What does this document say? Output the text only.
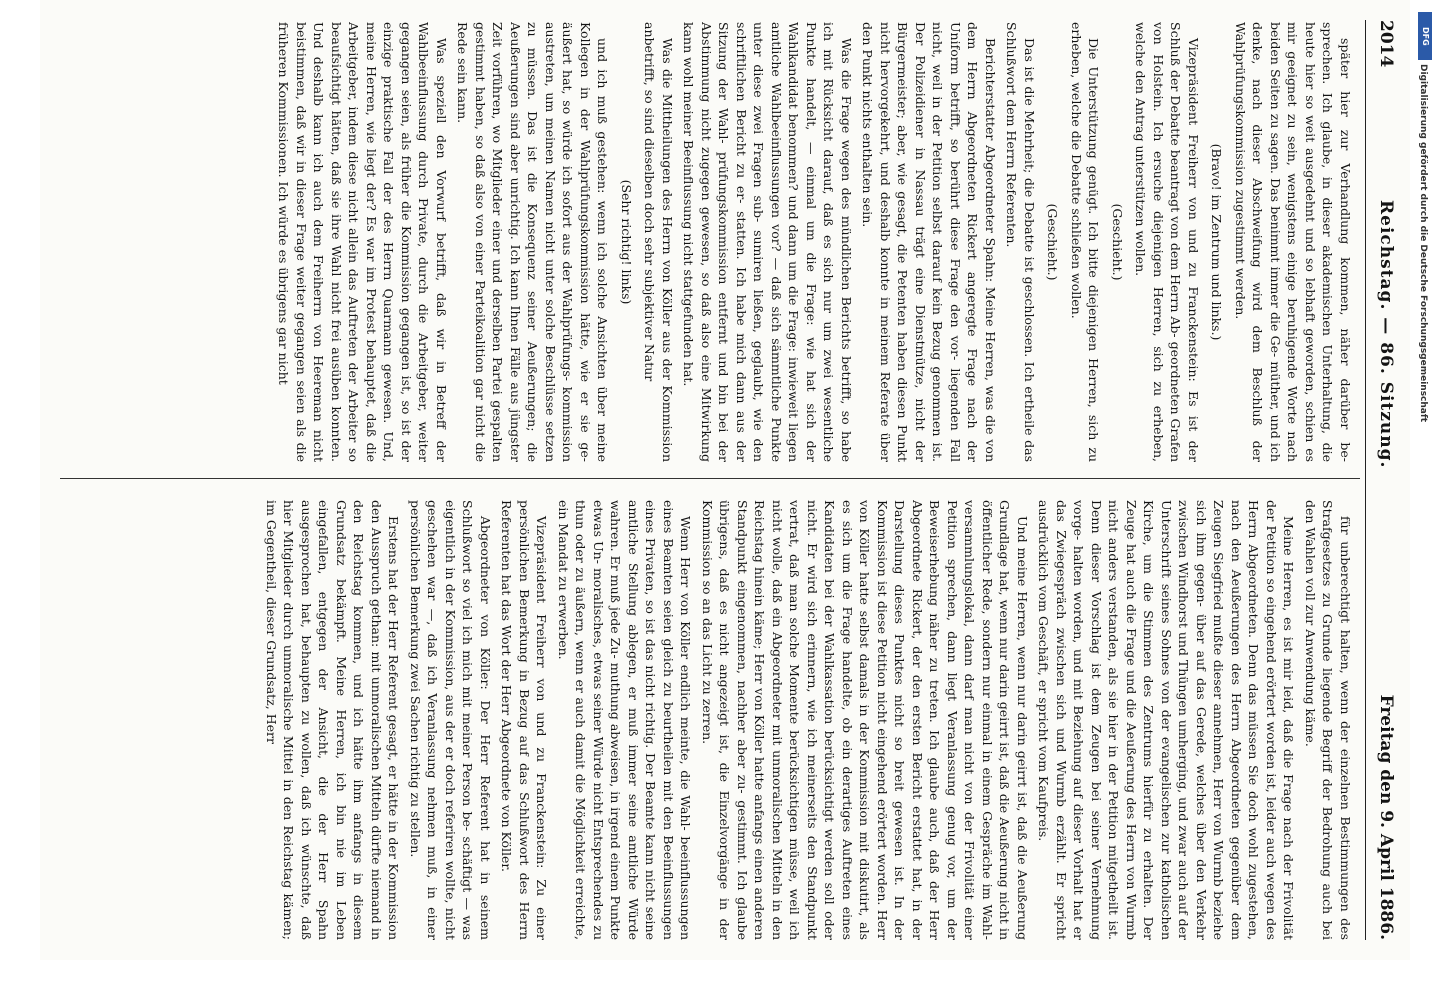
2014
Reichstag. — 86. Sitzung.
Freitag den 9. April 1886.

später hier zur Verhandlung kommen, näher darüber be- sprechen. Ich glaube, in dieser akademischen Unterhaltung, die heute hier so weit ausgedehnt und so lebhaft geworden, schien es mir geeignet zu sein, wenigstens einige beruhigende Worte nach beiden Seiten zu sagen. Das benimmt immer die Ge- müther, und ich denke, nach dieser Abschweifung wird dem Beschluß der Wahlprüfungskommission zugestimmt werden.

(Bravo! im Zentrum und links.)

Vizepräsident Freiherr von und zu Franckenstein: Es ist der Schluß der Debatte beantragt von dem Herrn Ab- geordneten Grafen von Holstein. Ich ersuche diejenigen Herren, sich zu erheben, welche den Antrag unterstützen wollen.

(Geschieht.)

Die Unterstützung genügt. Ich bitte diejenigen Herren, sich zu erheben, welche die Debatte schließen wollen.

(Geschieht.)

Das ist die Mehrheit; die Debatte ist geschlossen. Ich ertheile das Schlußwort dem Herrn Referenten.

Berichterstatter Abgeordneter Spahn: Meine Herren, was die von dem Herrn Abgeordneten Rickert angeregte Frage nach der Uniform betrifft, so berührt diese Frage den vor- liegenden Fall nicht, weil in der Petition selbst darauf kein Bezug genommen ist. Der Polizeidiener in Nassau trägt eine Dienstmütze, nicht der Bürgermeister; aber, wie gesagt, die Petenten haben diesen Punkt nicht hervorgekehrt, und deshalb konnte in meinem Referate über den Punkt nichts enthalten sein.

Was die Frage wegen des mündlichen Berichts betrifft, so habe ich mit Rücksicht darauf, daß es sich nur um zwei wesentliche Punkte handelt, — einmal um die Frage: wie hat sich der Wahlkandidat benommen? und dann um die Frage: inwieweit liegen amtliche Wahlbeeinflussungen vor? — daß sich sämmtliche Punkte unter diese zwei Fragen sub- sumiren ließen, geglaubt, wie den schriftlichen Bericht zu er- statten. Ich habe mich dann aus der Sitzung der Wahl- prüfungskommission entfernt und bin bei der Abstimmung nicht zugegen gewesen, so daß also eine Mitwirkung kann wohl meiner Beeinflussung nicht stattgefunden hat.

Was die Mittheilungen des Herrn von Köller aus der Kommission anbetrifft, so sind dieselben doch sehr subjektiver Natur

(Sehr richtig! links)

und ich muß gestehen: wenn ich solche Ansichten über meine Kollegen in der Wahlprüfungskommission hätte, wie er sie ge- äußert hat, so würde ich sofort aus der Wahlprüfungs- kommission austreten, um meinen Namen nicht unter solche Beschlüsse setzen zu müssen. Das ist die Konsequenz seiner Aeußerungen; die Aeußerungen sind aber unrichtig. Ich kann Ihnen Fälle aus jüngster Zeit vorführen, wo Mitglieder einer und derselben Partei gespalten gestimmt haben, so daß also von einer Parteikoalition gar nicht die Rede sein kann.

Was speziell den Vorwurf betrifft, daß wir in Betreff der Wahlbeeinflussung durch Private, durch die Arbeitgeber, weiter gegangen seien, als früher die Kommission gegangen ist, so ist der einzige praktische Fall der des Herrn Quarmann gewesen. Und, meine Herren, wie liegt der? Es war im Protest behauptet, daß die Arbeitgeber, indem diese nicht allein das Auftreten der Arbeiter so beaufsichtigt hätten, daß sie ihre Wahl nicht frei ausüben konnten. Und deshalb kann ich auch dem Freiherrn von Heereman nicht beistimmen, daß wir in dieser Frage weiter gegangen seien als die früheren Kommissionen. Ich würde es übrigens gar nicht

für unberechtigt halten, wenn der einzelnen Bestimmungen des Strafgesetzes zu Grunde liegende Begriff der Bedrohung auch bei den Wahlen voll zur Anwendung käme.

Meine Herren, es ist mir leid, daß die Frage nach der Frivolität der Petition so eingehend erörtert worden ist, leider auch wegen des Herrn Abgeordneten. Denn das müssen Sie doch wohl zugestehen, nach den Aeußerungen des Herrn Abgeordneten gegenüber dem Zeugen Siegfried mußte dieser annehmen, Herr von Wurmb beziehe sich ihm gegen- über auf das Gerede, welches über den Verkehr zwischen Windhorst und Thüngen umherging, und zwar auch auf der Unterschrift seines Sohnes von der evangelischen zur katholischen Kirche, um die Stimmen des Zentrums hierfür zu erhalten. Der Zeuge hat auch die Frage und die Aeußerung des Herrn von Wurmb nicht anders verstanden, als sie hier in der Petition mitgetheilt ist. Denn dieser Vorschlag ist dem Zeugen bei seiner Vernehmung vorge- halten worden, und mit Beziehung auf dieser Vorhalt hat er das Zwiegespräch zwischen sich und Wurmb erzählt. Er spricht ausdrücklich vom Geschäft, er spricht vom Kaufpreis.

Und meine Herren, wenn nur darin geirrt ist, daß die Aeußerung Grundlage hat, wenn nur darin geirrt ist, daß die Aeußerung nicht in öffentlicher Rede, sondern nur einmal in einem Gespräche im Wahl- versammlungslokal, dann darf man nicht von der Frivolität einer Petition sprechen, dann liegt Veranlassung genug vor, um der Beweiserhebung näher zu treten. Ich glaube auch, daß der Herr Abgeordnete Rickert, der den ersten Bericht erstattet hat, in der Darstellung dieses Punktes nicht so breit gewesen ist. In der Kommission ist diese Petition nicht eingehend erörtert worden. Herr von Köller hatte selbst damals in der Kommission mit diskutirt, als es sich um die Frage handelte, ob ein derartiges Auftreten eines Kandidaten bei der Wahlkassation berücksichtigt werden soll oder nicht. Er wird sich erinnern, wie ich meinerseits den Standpunkt vertrat, daß man solche Momente berücksichtigen müsse, weil ich nicht wolle, daß ein Abgeordneter mit unmoralischen Mitteln in den Reichstag hinein käme; Herr von Köller hatte anfangs einen anderen Standpunkt eingenommen, nachher aber zu- gestimmt. Ich glaube übrigens, daß es nicht angezeigt ist, die Einzelvorgänge in der Kommission so an das Licht zu zerren.

Wenn Herr von Köller endlich meinte, die Wahl- beeinflussungen eines Beamten seien gleich zu beurtheilen mit den Beeinflussungen eines Privaten, so ist das nicht richtig. Der Beamte kann nicht seine amtliche Stellung ablegen, er muß immer seine amtliche Würde wahren. Er muß jede Zu- muthung abweisen, in irgend einem Punkte etwas Un- moralisches, etwas seiner Würde nicht Entsprechendes zu thun oder zu äußern, wenn er auch damit die Möglichkeit erreichte, ein Mandat zu erwerben.

Vizepräsident Freiherr von und zu Franckenstein: Zu einer persönlichen Bemerkung in Bezug auf das Schlußwort des Herrn Referenten hat das Wort der Herr Abgeordnete von Köller.

Abgeordneter von Köller: Der Herr Referent hat in seinem Schlußwort so viel ich mich mit meiner Person be- schäftigt — was eigentlich in der Kommission, aus der er doch referiren wollte, nicht geschehen war —, daß ich Veranlassung nehmen muß, in einer persönlichen Bemerkung zwei Sachen richtig zu stellen.

Erstens hat der Herr Referent gesagt, er hätte in der Kommission den Ausspruch gethan: mit unmoralischen Mitteln dürfte niemand in den Reichstag kommen, und ich hätte ihm anfangs in diesem Grundsatz bekämpft. Meine Herren, ich bin nie im Leben eingefallen, entgegen der Ansicht, die der Herr Spahn ausgesprochen hat, behaupten zu wollen, daß ich wünschte, daß hier Mitglieder durch unmoralische Mittel in den Reichstag kämen; im Gegentheil, dieser Grundsatz, Herr

DFG
Digitalisierung gefördert durch die Deutsche Forschungsgemeinschaft
